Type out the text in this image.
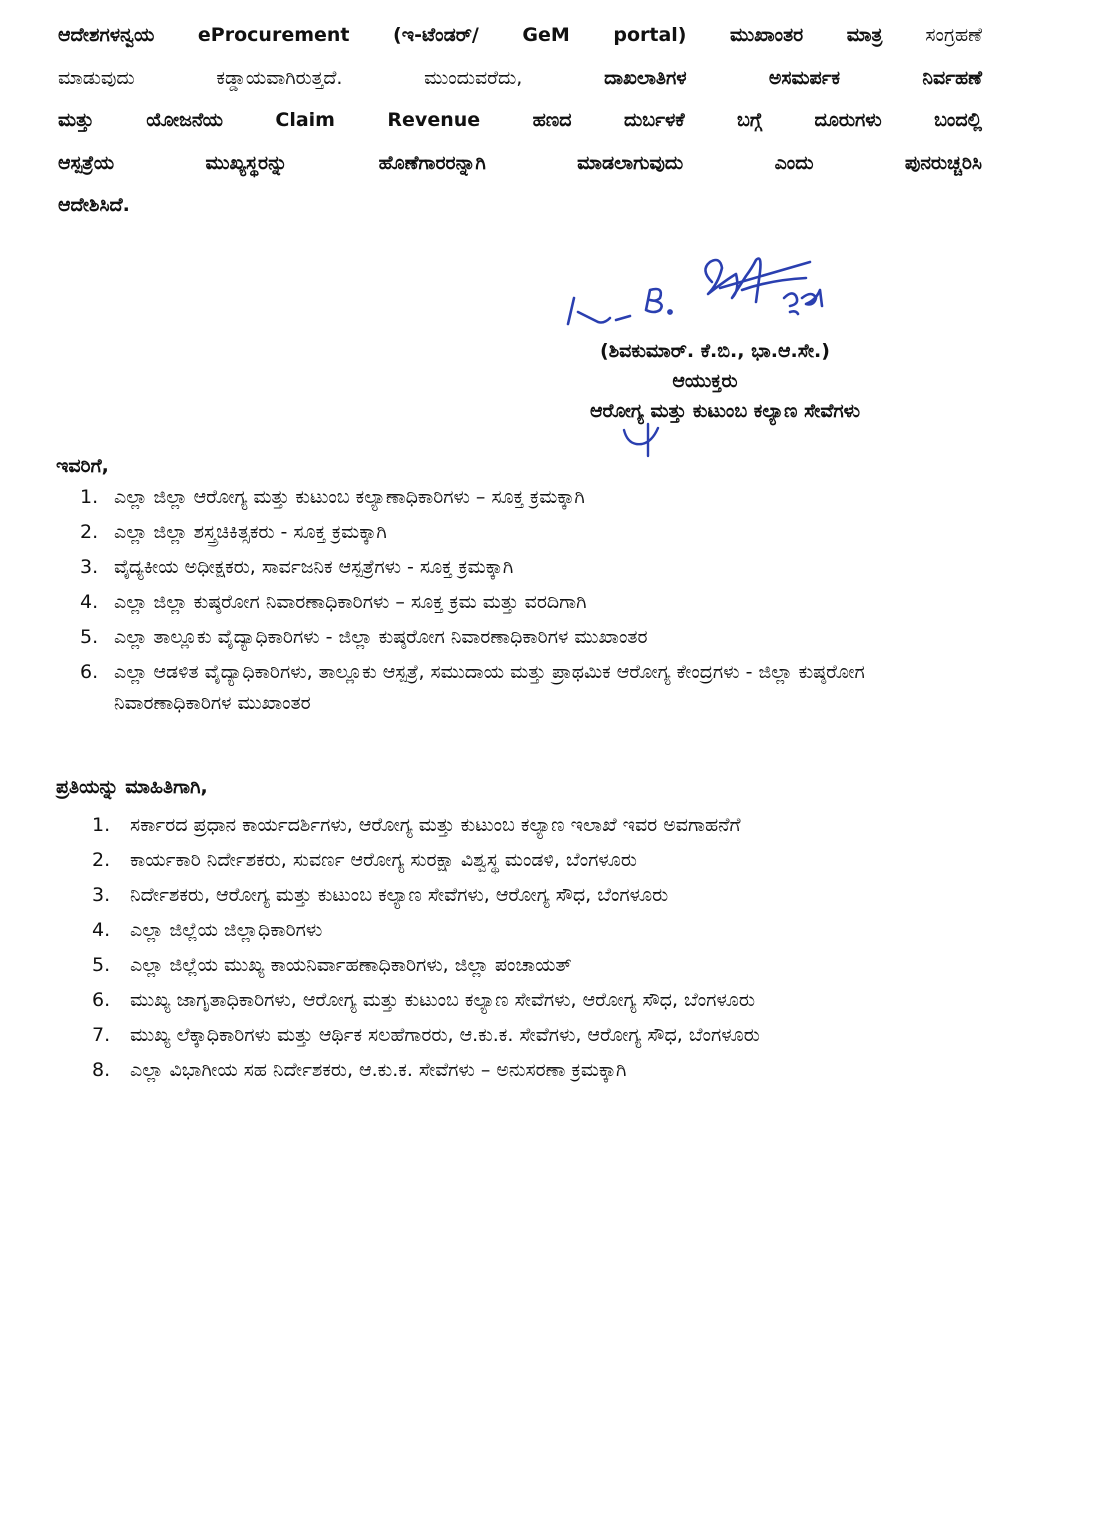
ಆದೇಶಗಳನ್ವಯ eProcurement (ಇ-ಟೆಂಡರ್/ GeM portal) ಮುಖಾಂತರ ಮಾತ್ರ ಸಂಗ್ರಹಣೆ
ಮಾಡುವುದು ಕಡ್ಡಾಯವಾಗಿರುತ್ತದೆ. ಮುಂದುವರೆದು,	ದಾಖಲಾತಿಗಳ ಅಸಮರ್ಪಕ ನಿರ್ವಹಣೆ
ಮತ್ತು ಯೋಜನೆಯ Claim Revenue ಹಣದ ದುರ್ಬಳಕೆ ಬಗ್ಗೆ ದೂರುಗಳು ಬಂದಲ್ಲಿ
ಆಸ್ಪತ್ರೆಯ ಮುಖ್ಯಸ್ಥರನ್ನು ಹೊಣೆಗಾರರನ್ನಾಗಿ ಮಾಡಲಾಗುವುದು ಎಂದು ಪುನರುಚ್ಚರಿಸಿ
ಆದೇಶಿಸಿದೆ.
(ಶಿವಕುಮಾರ್. ಕೆ.ಬಿ., ಭಾ.ಆ.ಸೇ.)
ಆಯುಕ್ತರು
ಆರೋಗ್ಯ ಮತ್ತು ಕುಟುಂಬ ಕಲ್ಯಾಣ ಸೇವೆಗಳು
ಇವರಿಗೆ,
1. ಎಲ್ಲಾ ಜಿಲ್ಲಾ ಆರೋಗ್ಯ ಮತ್ತು ಕುಟುಂಬ ಕಲ್ಯಾಣಾಧಿಕಾರಿಗಳು – ಸೂಕ್ತ ಕ್ರಮಕ್ಕಾಗಿ
2. ಎಲ್ಲಾ ಜಿಲ್ಲಾ ಶಸ್ತ್ರಚಿಕಿತ್ಸಕರು - ಸೂಕ್ತ ಕ್ರಮಕ್ಕಾಗಿ
3. ವೈದ್ಯಕೀಯ ಅಧೀಕ್ಷಕರು, ಸಾರ್ವಜನಿಕ ಆಸ್ಪತ್ರೆಗಳು - ಸೂಕ್ತ ಕ್ರಮಕ್ಕಾಗಿ
4. ಎಲ್ಲಾ ಜಿಲ್ಲಾ ಕುಷ್ಠರೋಗ ನಿವಾರಣಾಧಿಕಾರಿಗಳು – ಸೂಕ್ತ ಕ್ರಮ ಮತ್ತು ವರದಿಗಾಗಿ
5. ಎಲ್ಲಾ ತಾಲ್ಲೂಕು ವೈದ್ಯಾಧಿಕಾರಿಗಳು - ಜಿಲ್ಲಾ ಕುಷ್ಠರೋಗ ನಿವಾರಣಾಧಿಕಾರಿಗಳ ಮುಖಾಂತರ
6. ಎಲ್ಲಾ ಆಡಳಿತ ವೈದ್ಯಾಧಿಕಾರಿಗಳು, ತಾಲ್ಲೂಕು ಆಸ್ಪತ್ರೆ, ಸಮುದಾಯ ಮತ್ತು ಪ್ರಾಥಮಿಕ ಆರೋಗ್ಯ ಕೇಂದ್ರಗಳು - ಜಿಲ್ಲಾ ಕುಷ್ಠರೋಗ ನಿವಾರಣಾಧಿಕಾರಿಗಳ ಮುಖಾಂತರ
ಪ್ರತಿಯನ್ನು ಮಾಹಿತಿಗಾಗಿ,
1.	ಸರ್ಕಾರದ ಪ್ರಧಾನ ಕಾರ್ಯದರ್ಶಿಗಳು, ಆರೋಗ್ಯ ಮತ್ತು ಕುಟುಂಬ ಕಲ್ಯಾಣ ಇಲಾಖೆ ಇವರ ಅವಗಾಹನೆಗೆ
2.	ಕಾರ್ಯಕಾರಿ ನಿರ್ದೇಶಕರು, ಸುವರ್ಣ ಆರೋಗ್ಯ ಸುರಕ್ಷಾ ವಿಶ್ವಸ್ಥ ಮಂಡಳಿ, ಬೆಂಗಳೂರು
3.	ನಿರ್ದೇಶಕರು, ಆರೋಗ್ಯ ಮತ್ತು ಕುಟುಂಬ ಕಲ್ಯಾಣ ಸೇವೆಗಳು, ಆರೋಗ್ಯ ಸೌಧ, ಬೆಂಗಳೂರು
4.	ಎಲ್ಲಾ ಜಿಲ್ಲೆಯ ಜಿಲ್ಲಾಧಿಕಾರಿಗಳು
5.	ಎಲ್ಲಾ ಜಿಲ್ಲೆಯ ಮುಖ್ಯ ಕಾಯನಿರ್ವಾಹಣಾಧಿಕಾರಿಗಳು, ಜಿಲ್ಲಾ ಪಂಚಾಯತ್
6.	ಮುಖ್ಯ ಜಾಗೃತಾಧಿಕಾರಿಗಳು, ಆರೋಗ್ಯ ಮತ್ತು ಕುಟುಂಬ ಕಲ್ಯಾಣ ಸೇವೆಗಳು, ಆರೋಗ್ಯ ಸೌಧ, ಬೆಂಗಳೂರು
7.	ಮುಖ್ಯ ಲೆಕ್ಕಾಧಿಕಾರಿಗಳು ಮತ್ತು ಆರ್ಥಿಕ ಸಲಹೆಗಾರರು, ಆ.ಕು.ಕ. ಸೇವೆಗಳು, ಆರೋಗ್ಯ ಸೌಧ, ಬೆಂಗಳೂರು
8.	ಎಲ್ಲಾ ವಿಭಾಗೀಯ ಸಹ ನಿರ್ದೇಶಕರು, ಆ.ಕು.ಕ. ಸೇವೆಗಳು – ಅನುಸರಣಾ ಕ್ರಮಕ್ಕಾಗಿ
